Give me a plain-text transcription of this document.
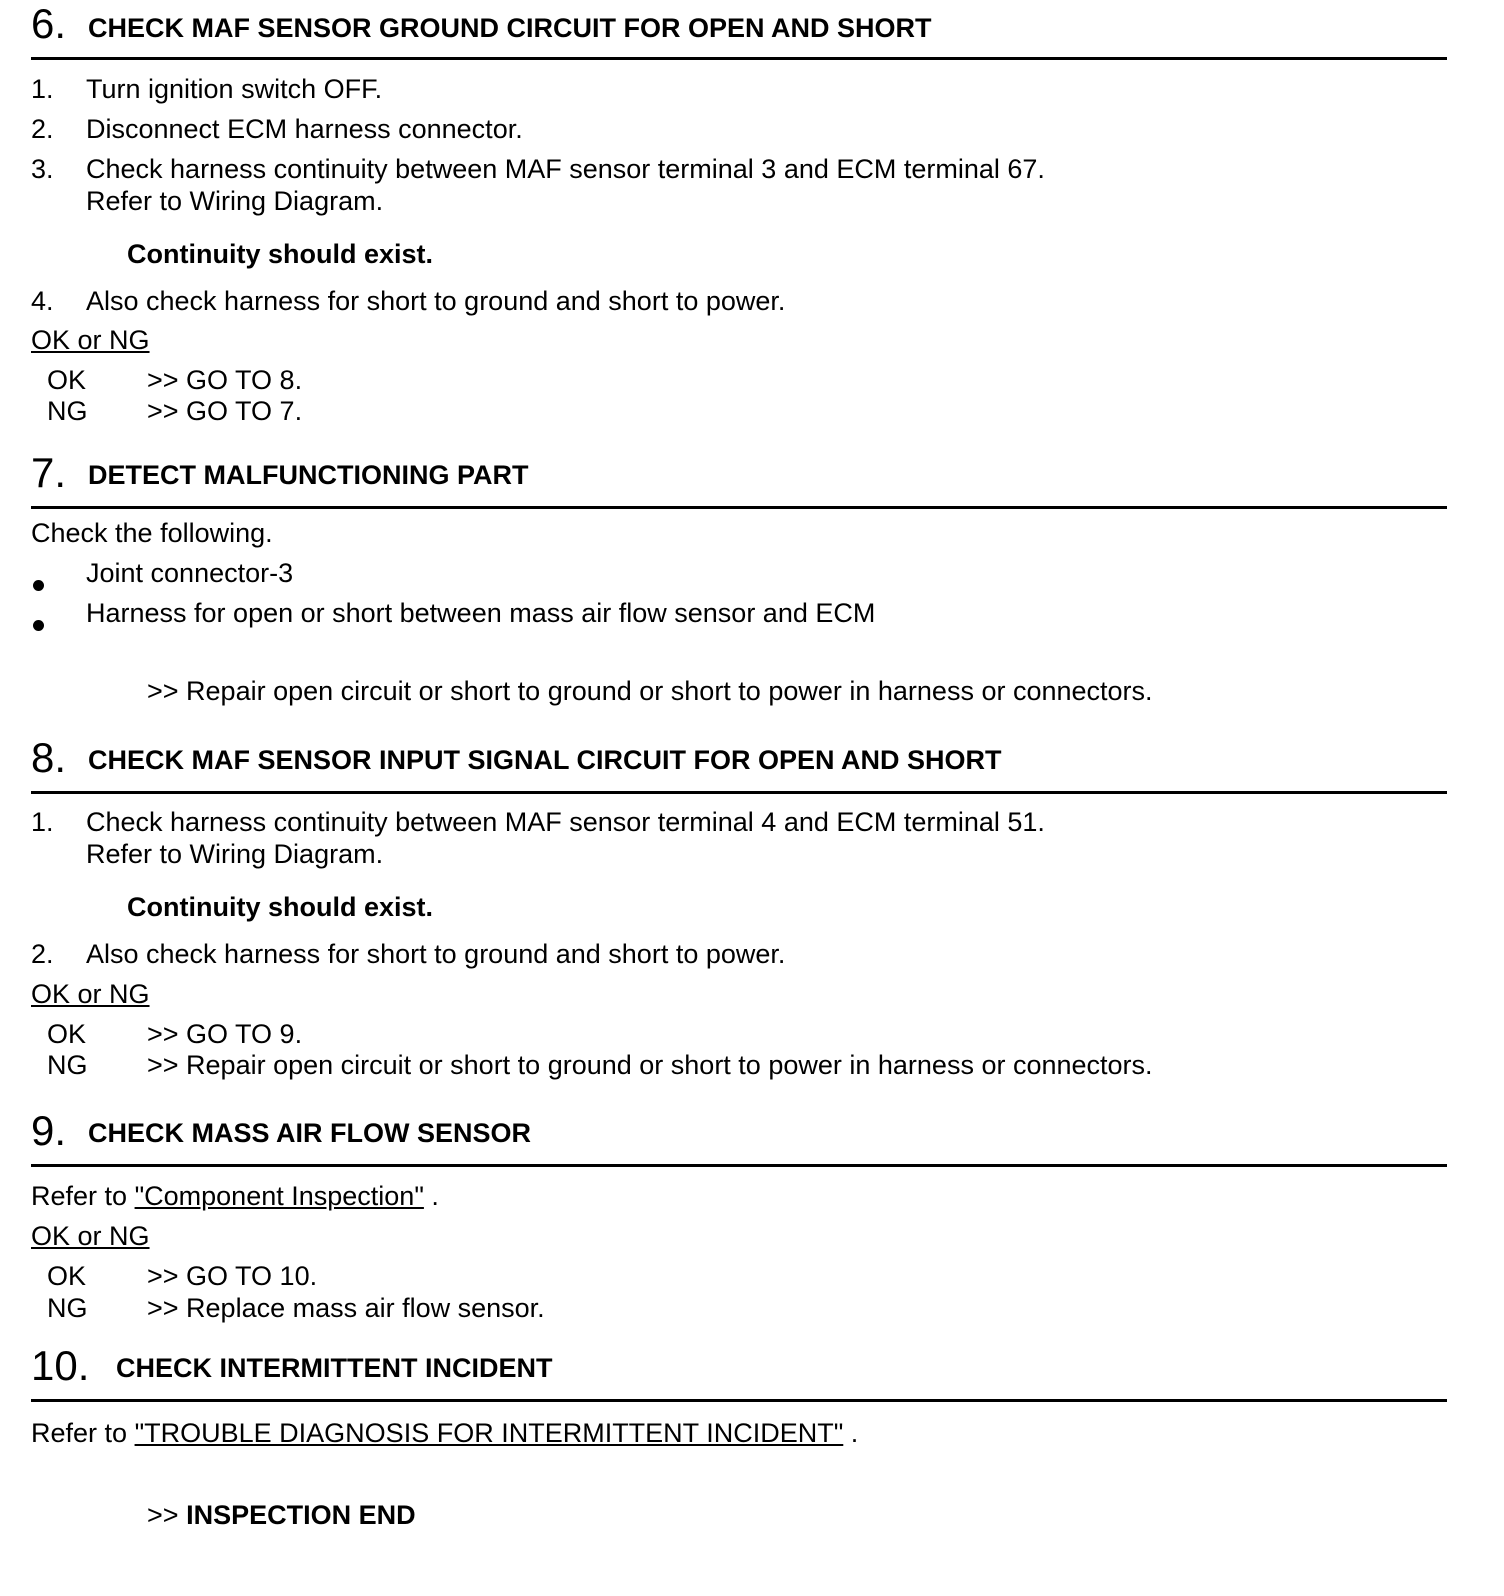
6. CHECK MAF SENSOR GROUND CIRCUIT FOR OPEN AND SHORT
1. Turn ignition switch OFF.
2. Disconnect ECM harness connector.
3. Check harness continuity between MAF sensor terminal 3 and ECM terminal 67.
Refer to Wiring Diagram.
Continuity should exist.
4. Also check harness for short to ground and short to power.
OK or NG
OK >> GO TO 8.
NG >> GO TO 7.
7. DETECT MALFUNCTIONING PART
Check the following.
Joint connector-3
Harness for open or short between mass air flow sensor and ECM
>> Repair open circuit or short to ground or short to power in harness or connectors.
8. CHECK MAF SENSOR INPUT SIGNAL CIRCUIT FOR OPEN AND SHORT
1. Check harness continuity between MAF sensor terminal 4 and ECM terminal 51.
Refer to Wiring Diagram.
Continuity should exist.
2. Also check harness for short to ground and short to power.
OK or NG
OK >> GO TO 9.
NG >> Repair open circuit or short to ground or short to power in harness or connectors.
9. CHECK MASS AIR FLOW SENSOR
Refer to "Component Inspection" .
OK or NG
OK >> GO TO 10.
NG >> Replace mass air flow sensor.
10. CHECK INTERMITTENT INCIDENT
Refer to "TROUBLE DIAGNOSIS FOR INTERMITTENT INCIDENT" .
>> INSPECTION END
